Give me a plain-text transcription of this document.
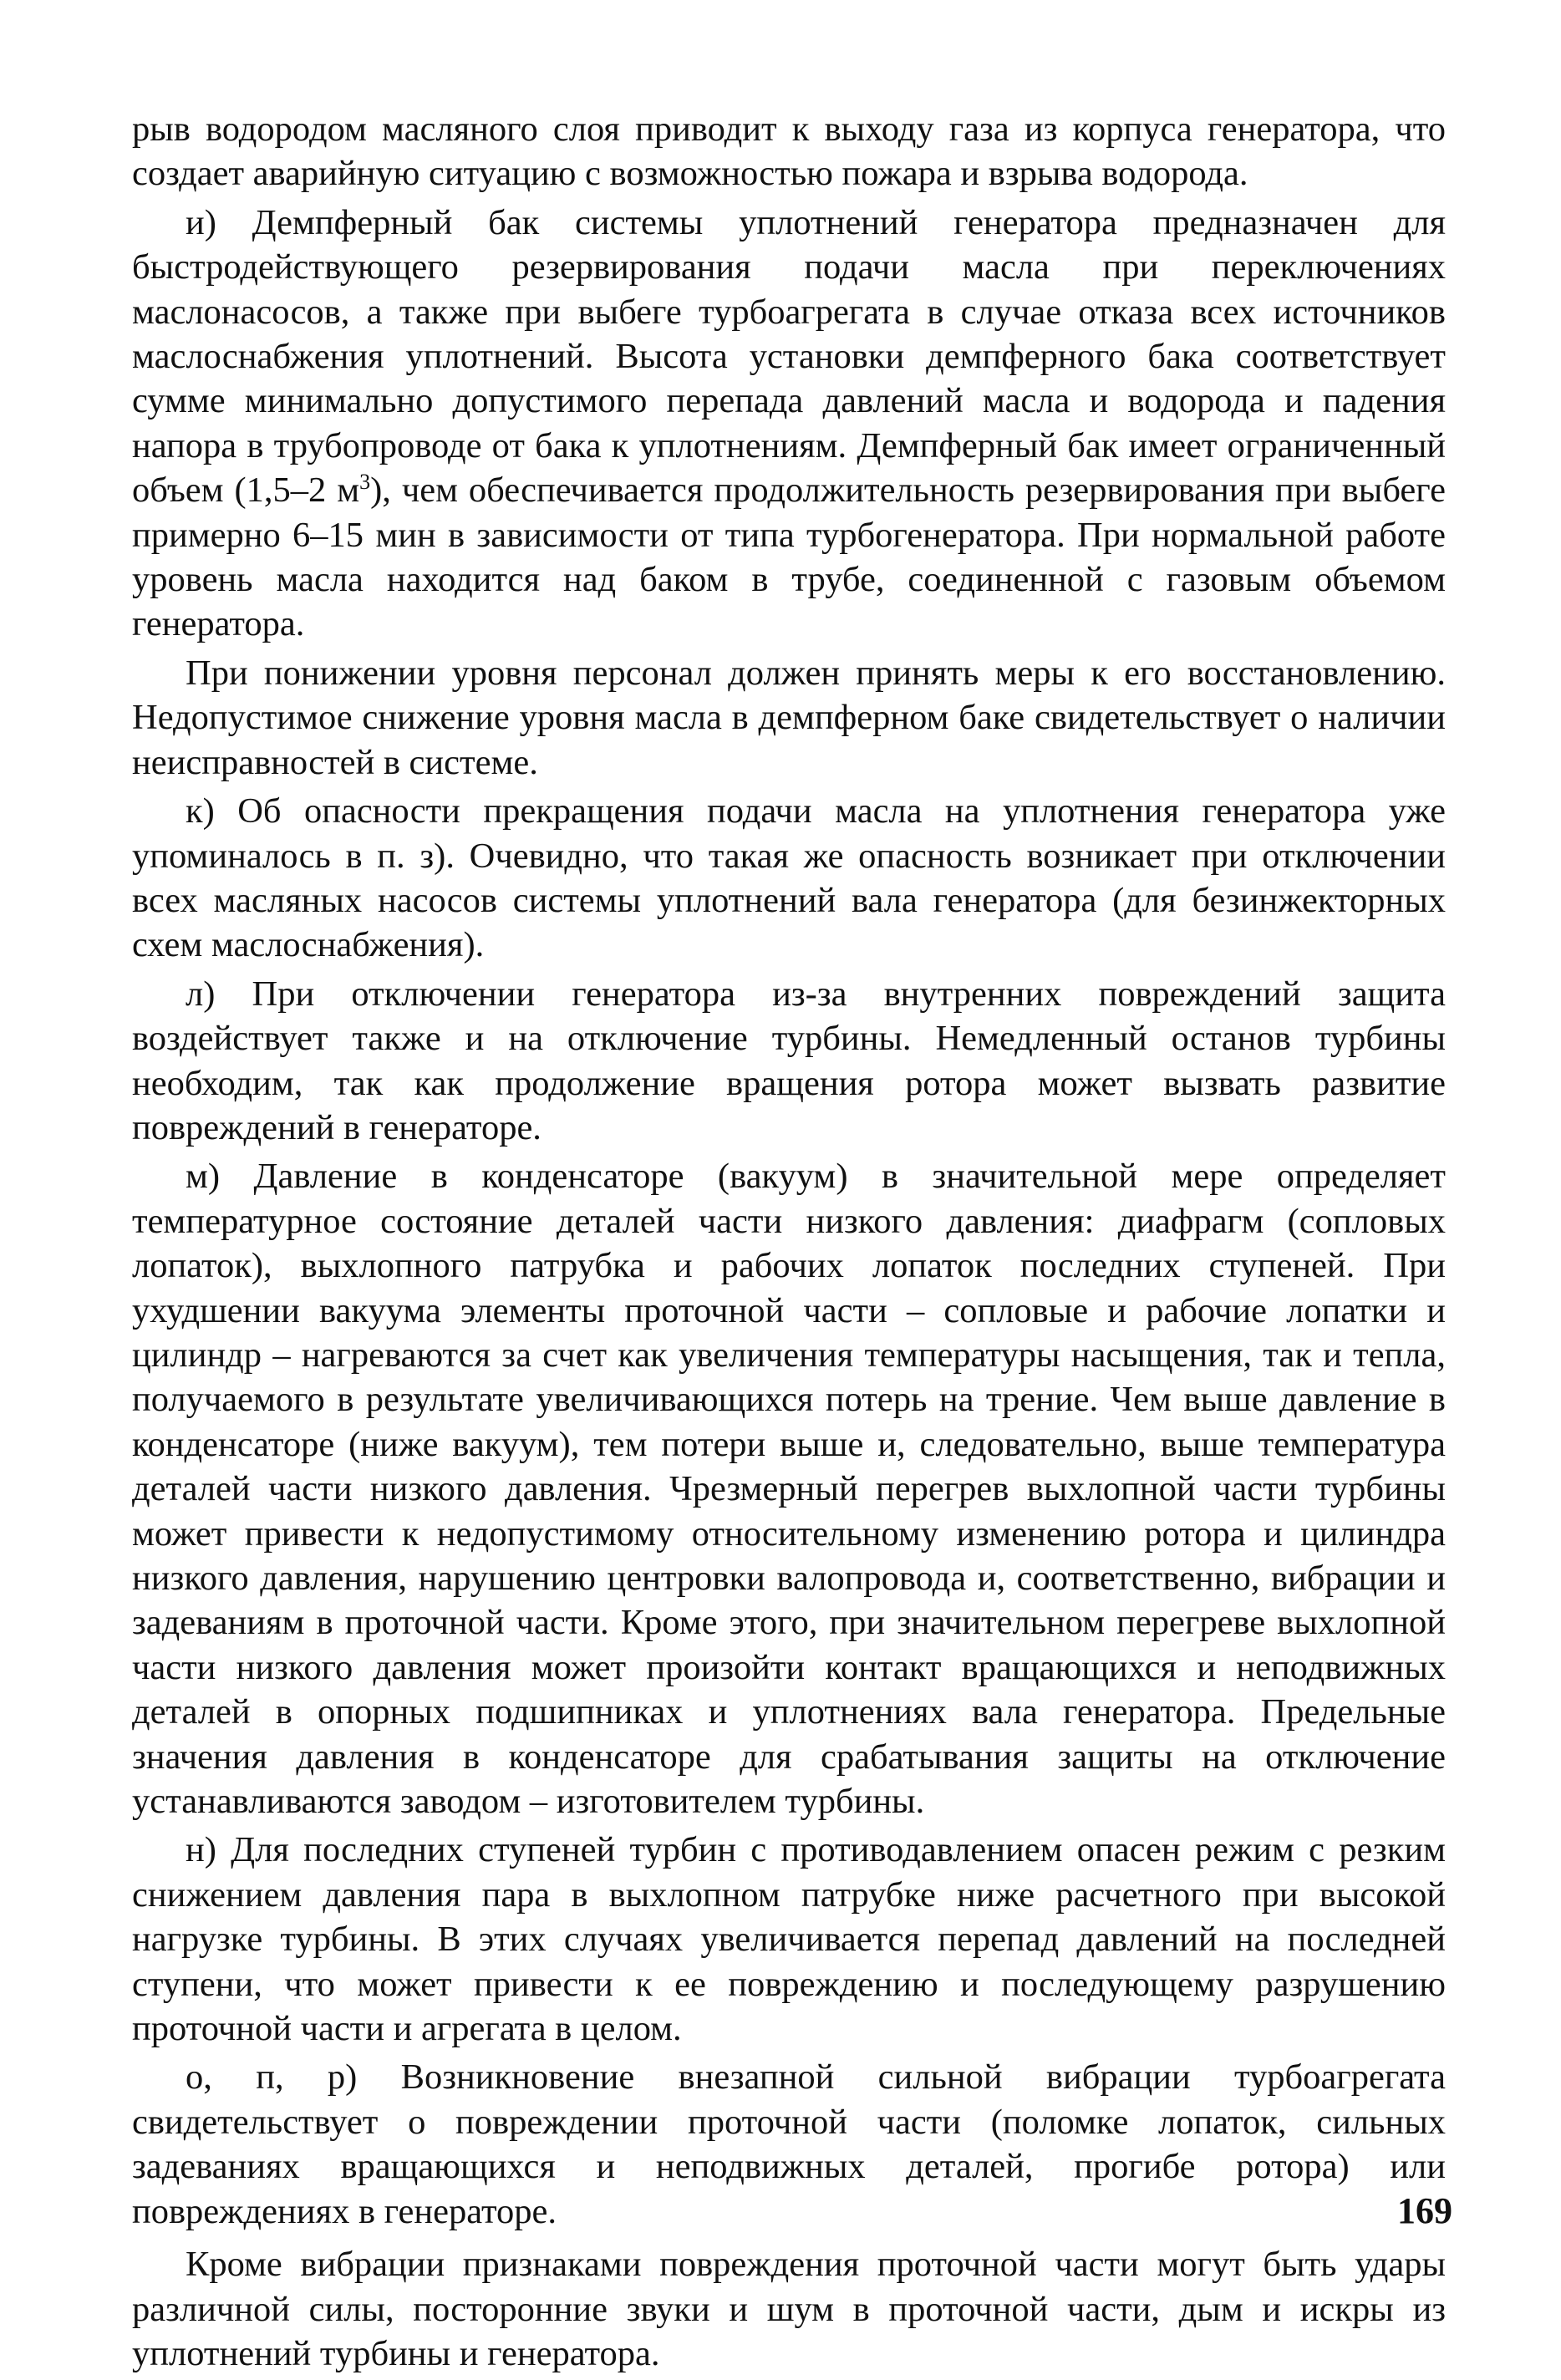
рыв водородом масляного слоя приводит к выходу газа из корпуса генератора, что создает аварийную ситуацию с возможностью пожара и взрыва водорода.

и) Демпферный бак системы уплотнений генератора предназначен для быстродействующего резервирования подачи масла при переключениях маслонасосов, а также при выбеге турбоагрегата в случае отказа всех источников маслоснабжения уплотнений. Высота установки демпферного бака соответствует сумме минимально допустимого перепада давлений масла и водорода и падения напора в трубопроводе от бака к уплотнениям. Демпферный бак имеет ограниченный объем (1,5–2 $м^3$), чем обеспечивается продолжительность резервирования при выбеге примерно 6–15 мин в зависимости от типа турбогенератора. При нормальной работе уровень масла находится над баком в трубе, соединенной с газовым объемом генератора.

При понижении уровня персонал должен принять меры к его восстановлению. Недопустимое снижение уровня масла в демпферном баке свидетельствует о наличии неисправностей в системе.

к) Об опасности прекращения подачи масла на уплотнения генератора уже упоминалось в п. з). Очевидно, что такая же опасность возникает при отключении всех масляных насосов системы уплотнений вала генератора (для безинжекторных схем маслоснабжения).

л) При отключении генератора из-за внутренних повреждений защита воздействует также и на отключение турбины. Немедленный останов турбины необходим, так как продолжение вращения ротора может вызвать развитие повреждений в генераторе.

м) Давление в конденсаторе (вакуум) в значительной мере определяет температурное состояние деталей части низкого давления: диафрагм (сопловых лопаток), выхлопного патрубка и рабочих лопаток последних ступеней. При ухудшении вакуума элементы проточной части – сопловые и рабочие лопатки и цилиндр – нагреваются за счет как увеличения температуры насыщения, так и тепла, получаемого в результате увеличивающихся потерь на трение. Чем выше давление в конденсаторе (ниже вакуум), тем потери выше и, следовательно, выше температура деталей части низкого давления. Чрезмерный перегрев выхлопной части турбины может привести к недопустимому относительному изменению ротора и цилиндра низкого давления, нарушению центровки валопровода и, соответственно, вибрации и задеваниям в проточной части. Кроме этого, при значительном перегреве выхлопной части низкого давления может произойти контакт вращающихся и неподвижных деталей в опорных подшипниках и уплотнениях вала генератора. Предельные значения давления в конденсаторе для срабатывания защиты на отключение устанавливаются заводом – изготовителем турбины.

н) Для последних ступеней турбин с противодавлением опасен режим с резким снижением давления пара в выхлопном патрубке ниже расчетного при высокой нагрузке турбины. В этих случаях увеличивается перепад давлений на последней ступени, что может привести к ее повреждению и последующему разрушению проточной части и агрегата в целом.

о, п, р) Возникновение внезапной сильной вибрации турбоагрегата свидетельствует о повреждении проточной части (поломке лопаток, сильных задеваниях вращающихся и неподвижных деталей, прогибе ротора) или повреждениях в генераторе.

Кроме вибрации признаками повреждения проточной части могут быть удары различной силы, посторонние звуки и шум в проточной части, дым и искры из уплотнений турбины и генератора.

169
